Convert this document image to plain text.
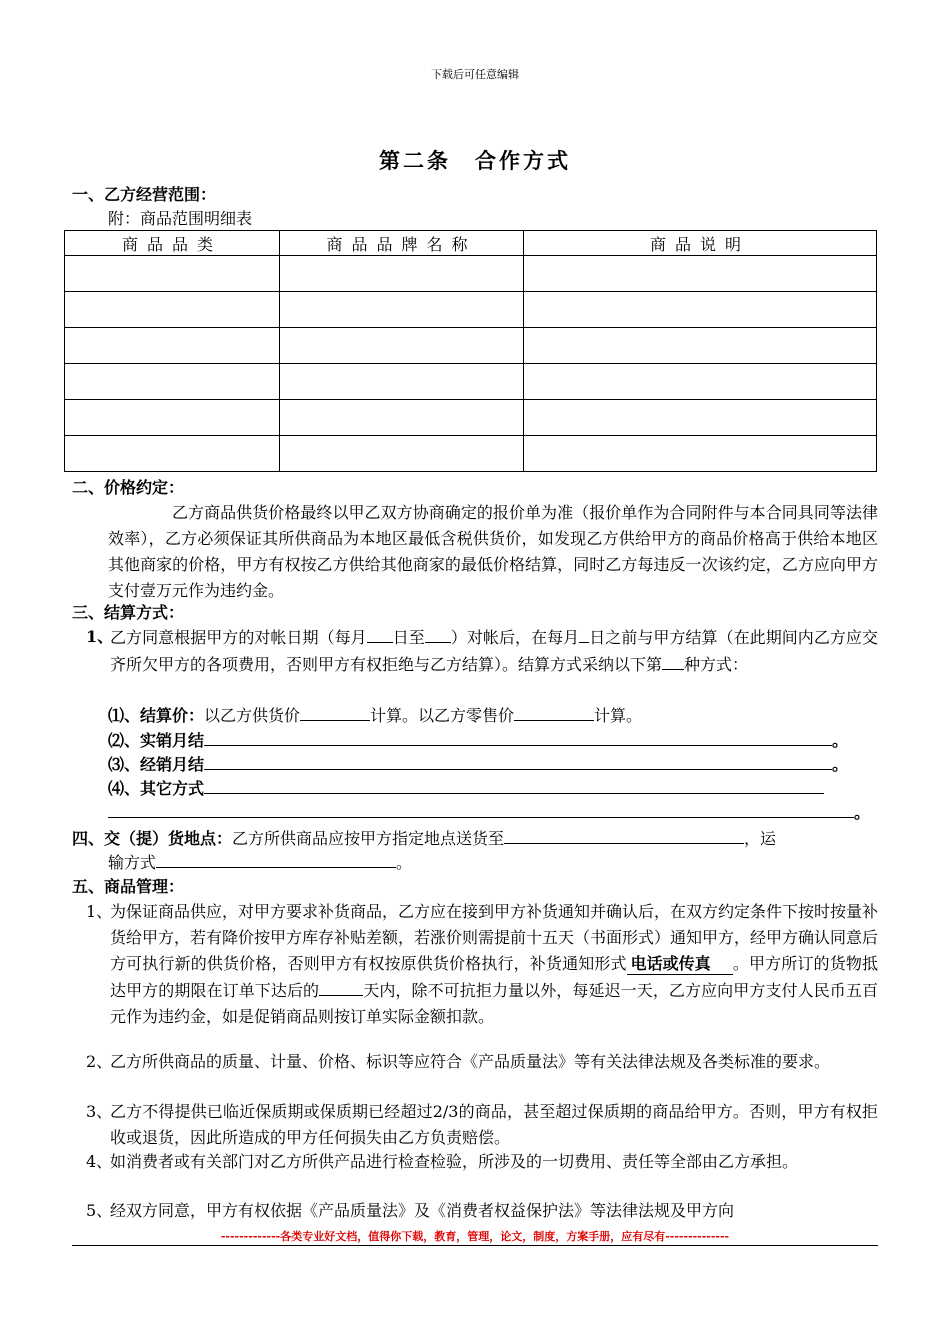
下载后可任意编辑
第二条　合作方式
一、乙方经营范围：
附：商品范围明细表
商品品类	商品品牌名称	商品说明

二、价格约定：
乙方商品供货价格最终以甲乙双方协商确定的报价单为准（报价单作为合同附件与本合同具同等法律效率），乙方必须保证其所供商品为本地区最低含税供货价，如发现乙方供给甲方的商品价格高于供给本地区其他商家的价格，甲方有权按乙方供给其他商家的最低价格结算，同时乙方每违反一次该约定，乙方应向甲方支付壹万元作为违约金。
三、结算方式：
1、
乙方同意根据甲方的对帐日期（每月 日至 ）对帐后，在每月 日之前与甲方结算（在此期间内乙方应交齐所欠甲方的各项费用，否则甲方有权拒绝与乙方结算）。结算方式采纳以下第 种方式：
⑴、结算价：以乙方供货价	计算。以乙方零售价	计算。
⑵、实销月结	。
⑶、经销月结	。
⑷、其它方式
。
四、交（提）货地点：乙方所供商品应按甲方指定地点送货至	，运
输方式	。
五、商品管理：
1、
为保证商品供应，对甲方要求补货商品，乙方应在接到甲方补货通知并确认后，在双方约定条件下按时按量补货给甲方，若有降价按甲方库存补贴差额，若涨价则需提前十五天（书面形式）通知甲方，经甲方确认同意后方可执行新的供货价格，否则甲方有权按原供货价格执行，补货通知形式 电话或传真 。甲方所订的货物抵达甲方的期限在订单下达后的	天内，除不可抗拒力量以外，每延迟一天，乙方应向甲方支付人民币五百元作为违约金，如是促销商品则按订单实际金额扣款。
2、
乙方所供商品的质量、计量、价格、标识等应符合《产品质量法》等有关法律法规及各类标准的要求。
3、
乙方不得提供已临近保质期或保质期已经超过2/3的商品，甚至超过保质期的商品给甲方。否则，甲方有权拒收或退货，因此所造成的甲方任何损失由乙方负责赔偿。
4、
如消费者或有关部门对乙方所供产品进行检查检验，所涉及的一切费用、责任等全部由乙方承担。
5、
经双方同意，甲方有权依据《产品质量法》及《消费者权益保护法》等法律法规及甲方向
-------------各类专业好文档，值得你下载，教育，管理，论文，制度，方案手册，应有尽有--------------
